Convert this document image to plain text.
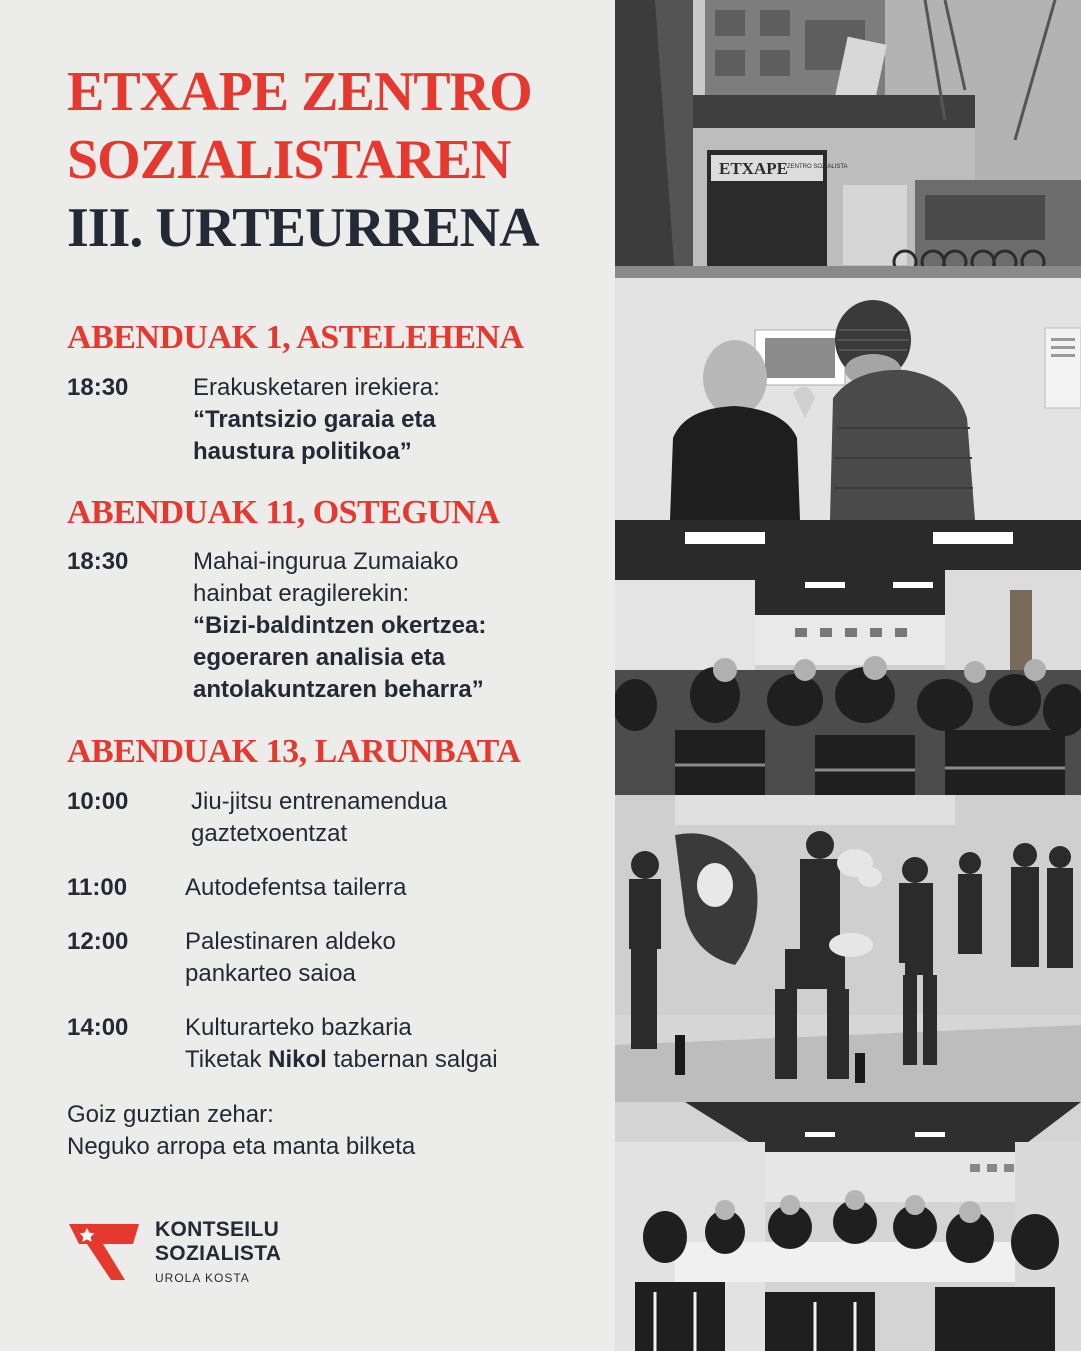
ETXAPE ZENTRO
SOZIALISTAREN
III. URTEURRENA
ABENDUAK 1, ASTELEHENA
18:30	Erakusketaren irekiera:
“Trantsizio garaia eta
haustura politikoa”
ABENDUAK 11, OSTEGUNA
18:30	Mahai-ingurua Zumaiako
hainbat eragilerekin:
“Bizi-baldintzen okertzea:
egoeraren analisia eta
antolakuntzaren beharra”
ABENDUAK 13, LARUNBATA
10:00	Jiu-jitsu entrenamendua
gaztetxoentzat
11:00 Autodefentsa tailerra
12:00 Palestinaren aldeko
pankarteo saioa
14:00 Kulturarteko bazkaria
Tiketak Nikol tabernan salgai
Goiz guztian zehar:
Neguko arropa eta manta bilketa
KONTSEILU
SOZIALISTA
UROLA KOSTA
ETXAPE ZENTRO SOZIALISTA
